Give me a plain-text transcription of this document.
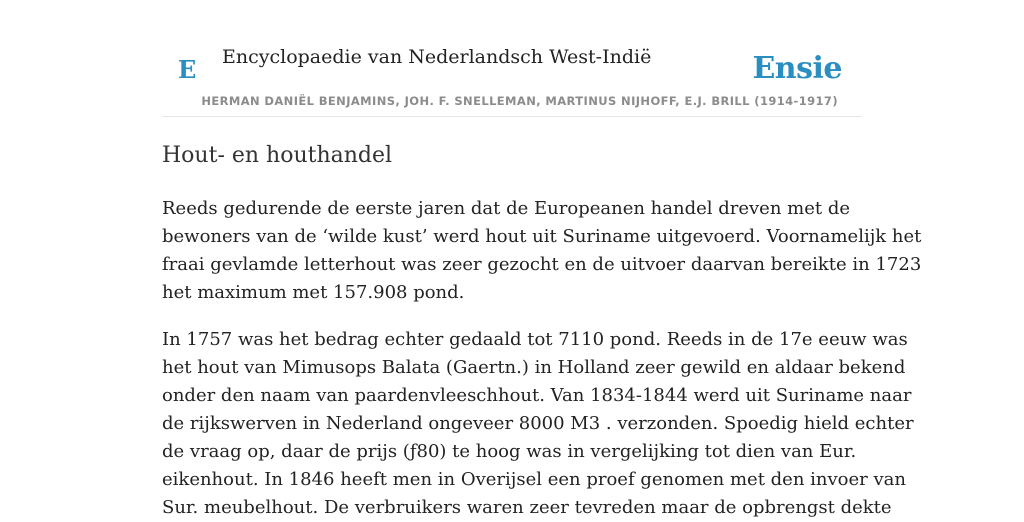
E Encyclopaedie van Nederlandsch West-Indië	Ensie
HERMAN DANIËL BENJAMINS, JOH. F. SNELLEMAN, MARTINUS NIJHOFF, E.J. BRILL (1914-1917)
Hout- en houthandel

Reeds gedurende de eerste jaren dat de Europeanen handel dreven met de
bewoners van de ‘wilde kust’ werd hout uit Suriname uitgevoerd. Voornamelijk het
fraai gevlamde letterhout was zeer gezocht en de uitvoer daarvan bereikte in 1723
het maximum met 157.908 pond.

In 1757 was het bedrag echter gedaald tot 7110 pond. Reeds in de 17e eeuw was
het hout van Mimusops Balata (Gaertn.) in Holland zeer gewild en aldaar bekend
onder den naam van paardenvleeschhout. Van 1834-1844 werd uit Suriname naar
de rijkswerven in Nederland ongeveer 8000 M3 . verzonden. Spoedig hield echter
de vraag op, daar de prijs (ƒ80) te hoog was in vergelijking tot dien van Eur.
eikenhout. In 1846 heeft men in Overijsel een proef genomen met den invoer van
Sur. meubelhout. De verbruikers waren zeer tevreden maar de opbrengst dekte
